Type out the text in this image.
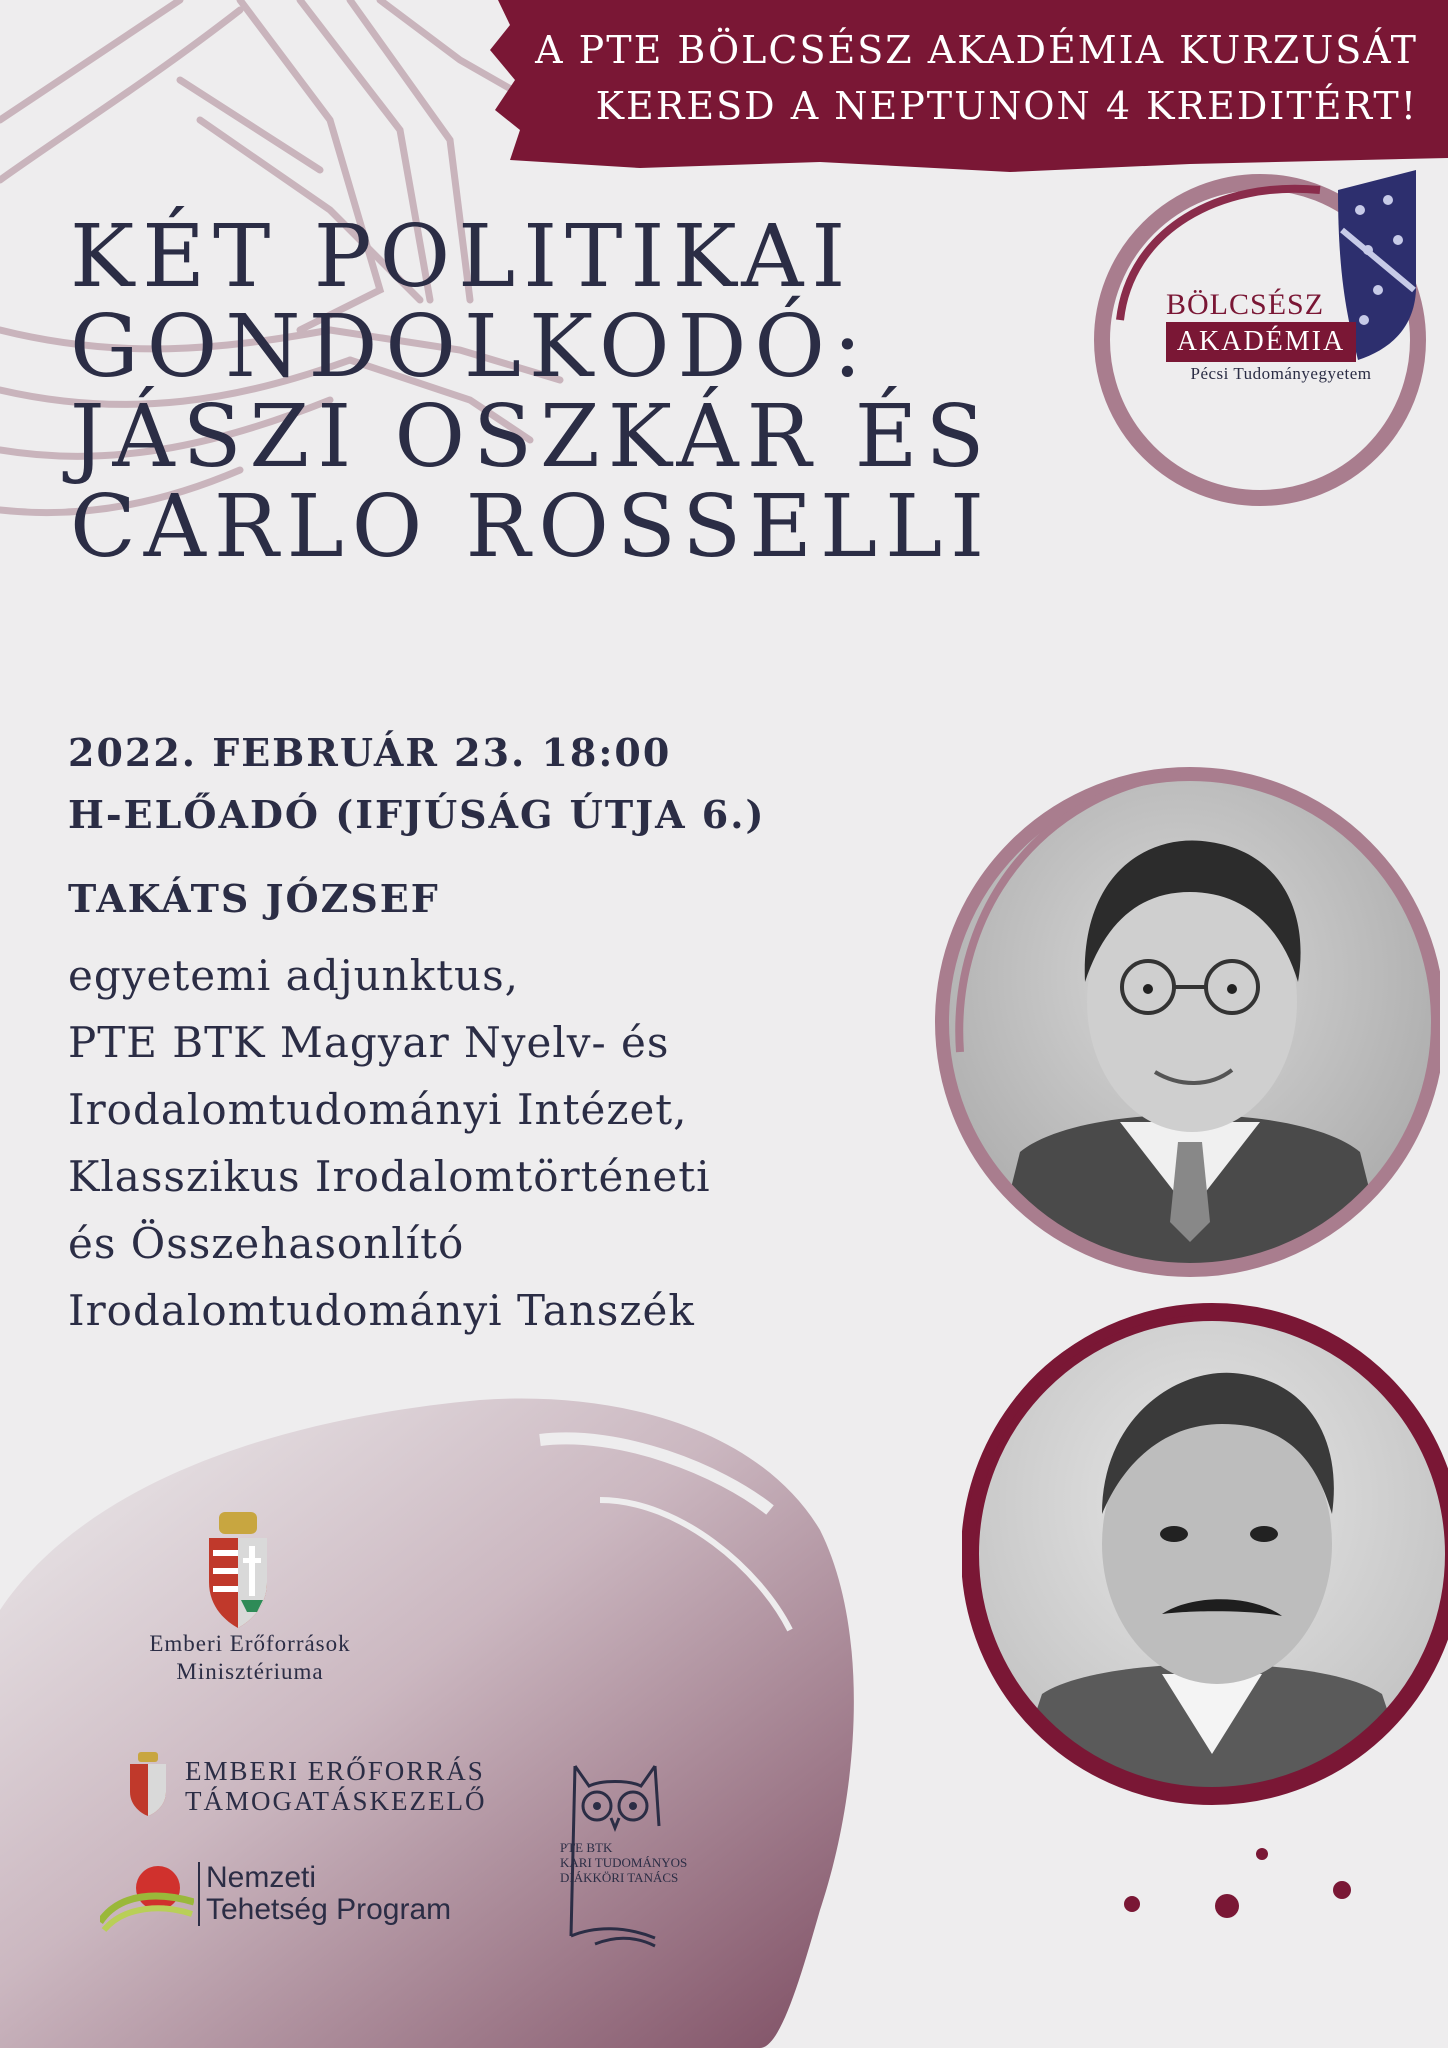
A PTE BÖLCSÉSZ AKADÉMIA KURZUSÁT
KERESD A NEPTUNON 4 KREDITÉRT!
BÖLCSÉSZ
AKADÉMIA
Pécsi Tudományegyetem
KÉT POLITIKAI
GONDOLKODÓ:
JÁSZI OSZKÁR ÉS
CARLO ROSSELLI
2022. FEBRUÁR 23. 18:00
H-ELŐADÓ (IFJÚSÁG ÚTJA 6.)
TAKÁTS JÓZSEF
egyetemi adjunktus,
PTE BTK Magyar Nyelv- és
Irodalomtudományi Intézet,
Klasszikus Irodalomtörténeti
és Összehasonlító
Irodalomtudományi Tanszék
Emberi Erőforrások
Minisztériuma
EMBERI ERŐFORRÁS
TÁMOGATÁSKEZELŐ
Nemzeti
Tehetség Program
PTE BTK
KARI TUDOMÁNYOS
DIÁKKÖRI TANÁCS
